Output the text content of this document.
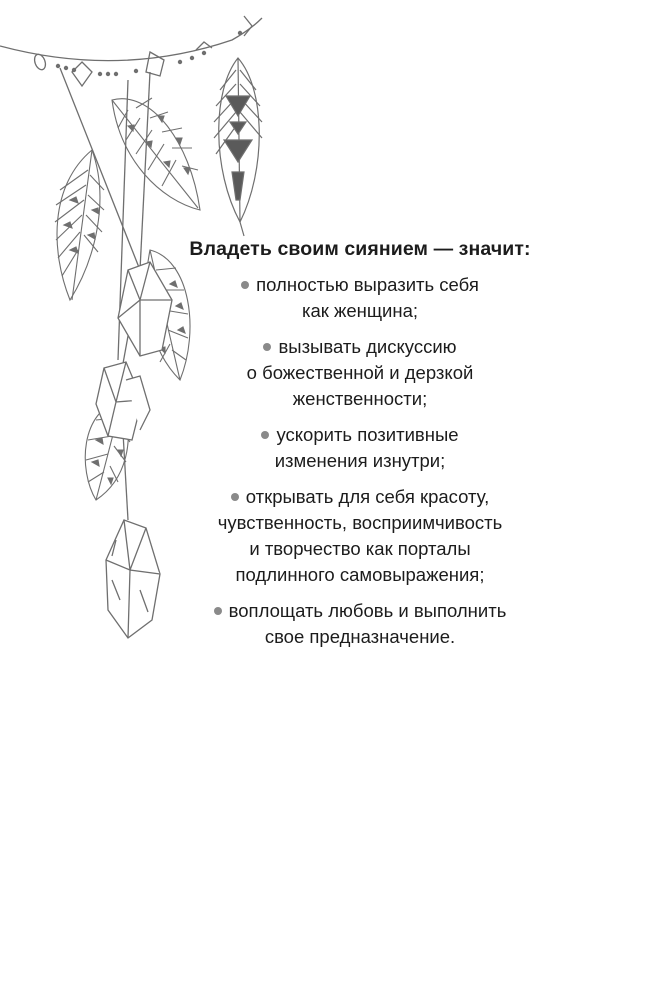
Владеть своим сиянием — значит:

полностью выразить себя
как женщина;

вызывать дискуссию
о божественной и дерзкой
женственности;

ускорить позитивные
изменения изнутри;

открывать для себя красоту,
чувственность, восприимчивость
и творчество как порталы
подлинного самовыражения;

воплощать любовь и выполнить
свое предназначение.
